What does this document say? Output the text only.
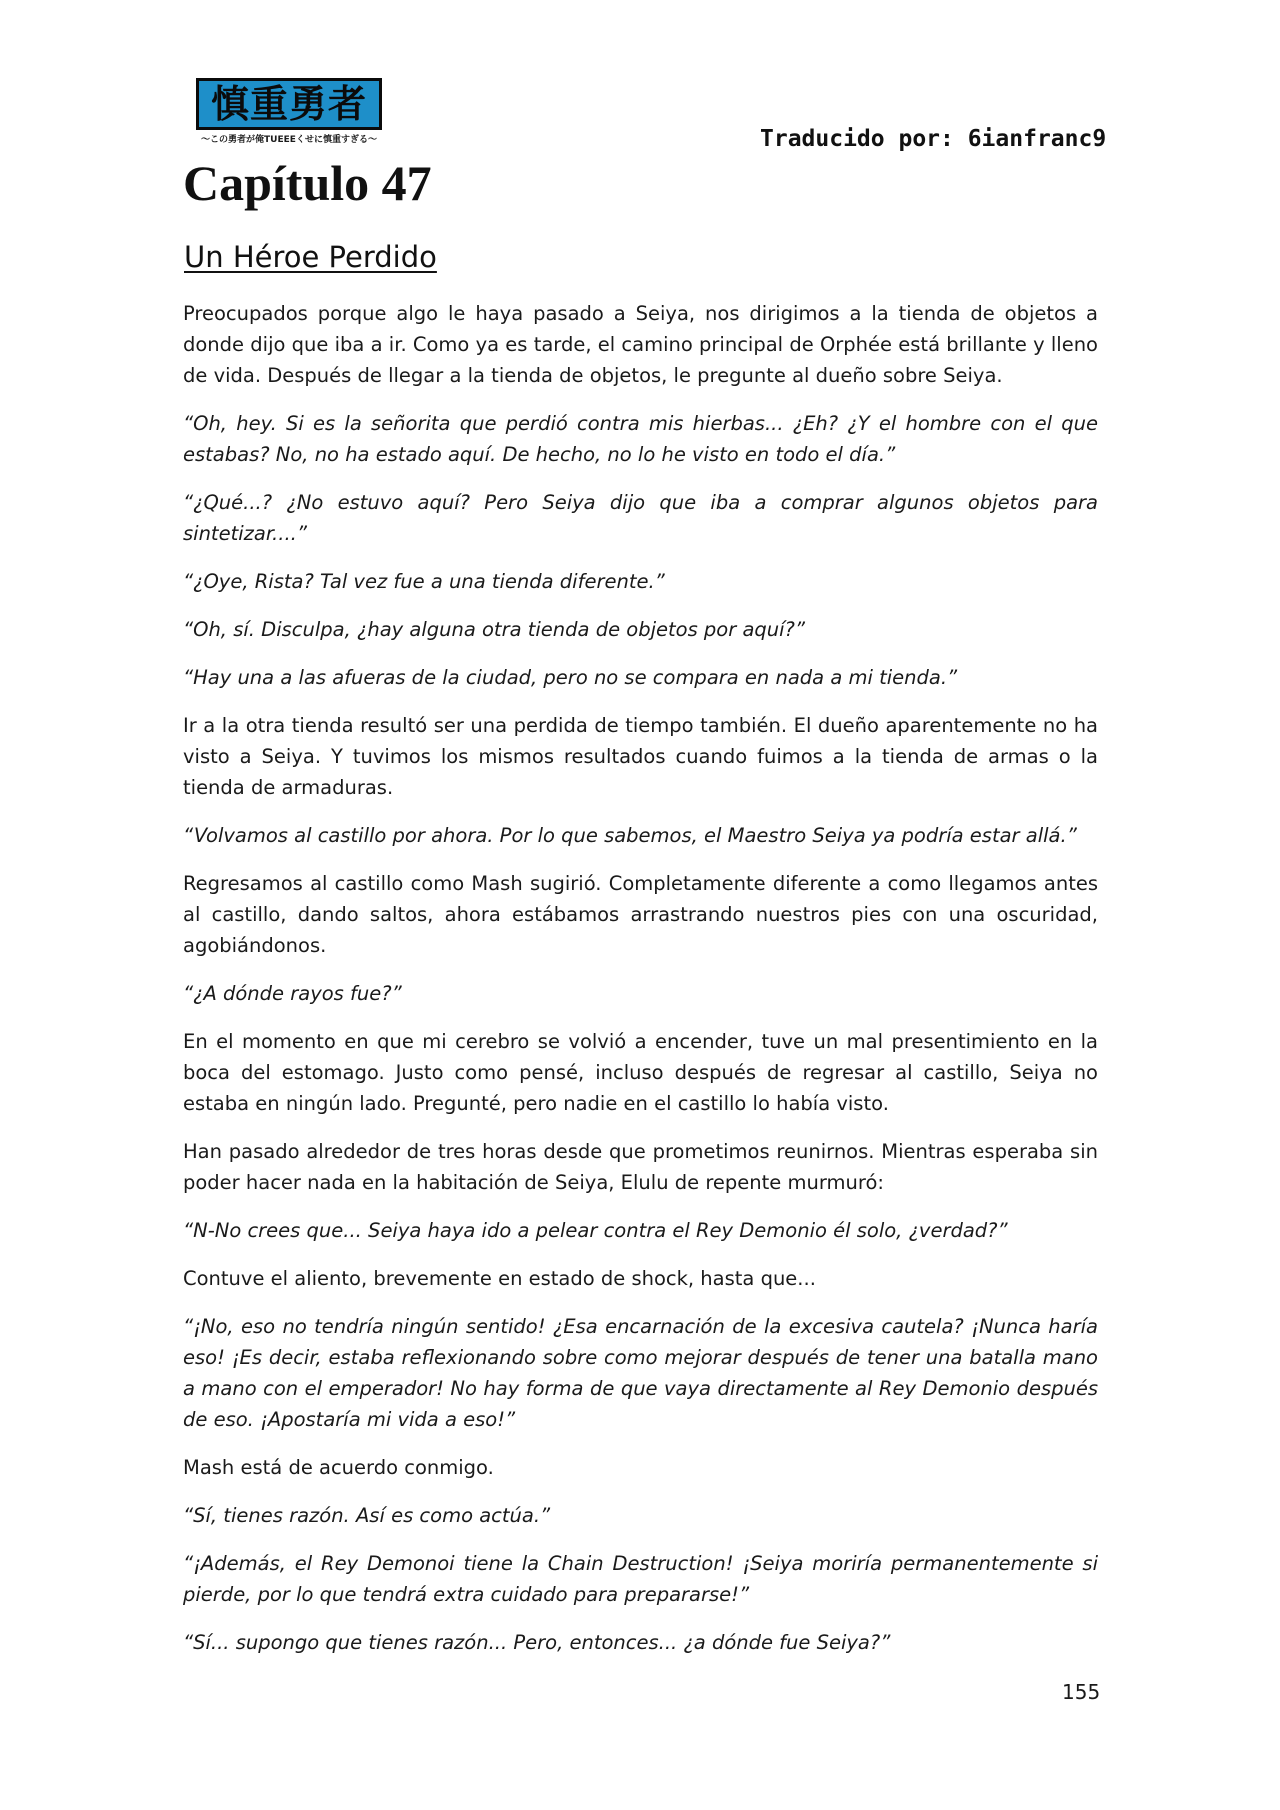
慎重勇者
〜この勇者が俺TUEEEくせに慎重すぎる〜	Traducido por: 6ianfranc9
Capítulo 47
Un Héroe Perdido

Preocupados porque algo le haya pasado a Seiya, nos dirigimos a la tienda de objetos a donde dijo que iba a ir. Como ya es tarde, el camino principal de Orphée está brillante y lleno de vida. Después de llegar a la tienda de objetos, le pregunte al dueño sobre Seiya.

“Oh, hey. Si es la señorita que perdió contra mis hierbas... ¿Eh? ¿Y el hombre con el que estabas? No, no ha estado aquí. De hecho, no lo he visto en todo el día.”

“¿Qué...? ¿No estuvo aquí? Pero Seiya dijo que iba a comprar algunos objetos para sintetizar....”

“¿Oye, Rista? Tal vez fue a una tienda diferente.”

“Oh, sí. Disculpa, ¿hay alguna otra tienda de objetos por aquí?”

“Hay una a las afueras de la ciudad, pero no se compara en nada a mi tienda.”

Ir a la otra tienda resultó ser una perdida de tiempo también. El dueño aparentemente no ha visto a Seiya. Y tuvimos los mismos resultados cuando fuimos a la tienda de armas o la tienda de armaduras.

“Volvamos al castillo por ahora. Por lo que sabemos, el Maestro Seiya ya podría estar allá.”

Regresamos al castillo como Mash sugirió. Completamente diferente a como llegamos antes al castillo, dando saltos, ahora estábamos arrastrando nuestros pies con una oscuridad, agobiándonos.

“¿A dónde rayos fue?”

En el momento en que mi cerebro se volvió a encender, tuve un mal presentimiento en la boca del estomago. Justo como pensé, incluso después de regresar al castillo, Seiya no estaba en ningún lado. Pregunté, pero nadie en el castillo lo había visto.

Han pasado alrededor de tres horas desde que prometimos reunirnos. Mientras esperaba sin poder hacer nada en la habitación de Seiya, Elulu de repente murmuró:

“N-No crees que... Seiya haya ido a pelear contra el Rey Demonio él solo, ¿verdad?”

Contuve el aliento, brevemente en estado de shock, hasta que...

“¡No, eso no tendría ningún sentido! ¿Esa encarnación de la excesiva cautela? ¡Nunca haría eso! ¡Es decir, estaba reflexionando sobre como mejorar después de tener una batalla mano a mano con el emperador! No hay forma de que vaya directamente al Rey Demonio después de eso. ¡Apostaría mi vida a eso!”

Mash está de acuerdo conmigo.

“Sí, tienes razón. Así es como actúa.”

“¡Además, el Rey Demonoi tiene la Chain Destruction! ¡Seiya moriría permanentemente si pierde, por lo que tendrá extra cuidado para prepararse!”

“Sí... supongo que tienes razón... Pero, entonces... ¿a dónde fue Seiya?”

155
